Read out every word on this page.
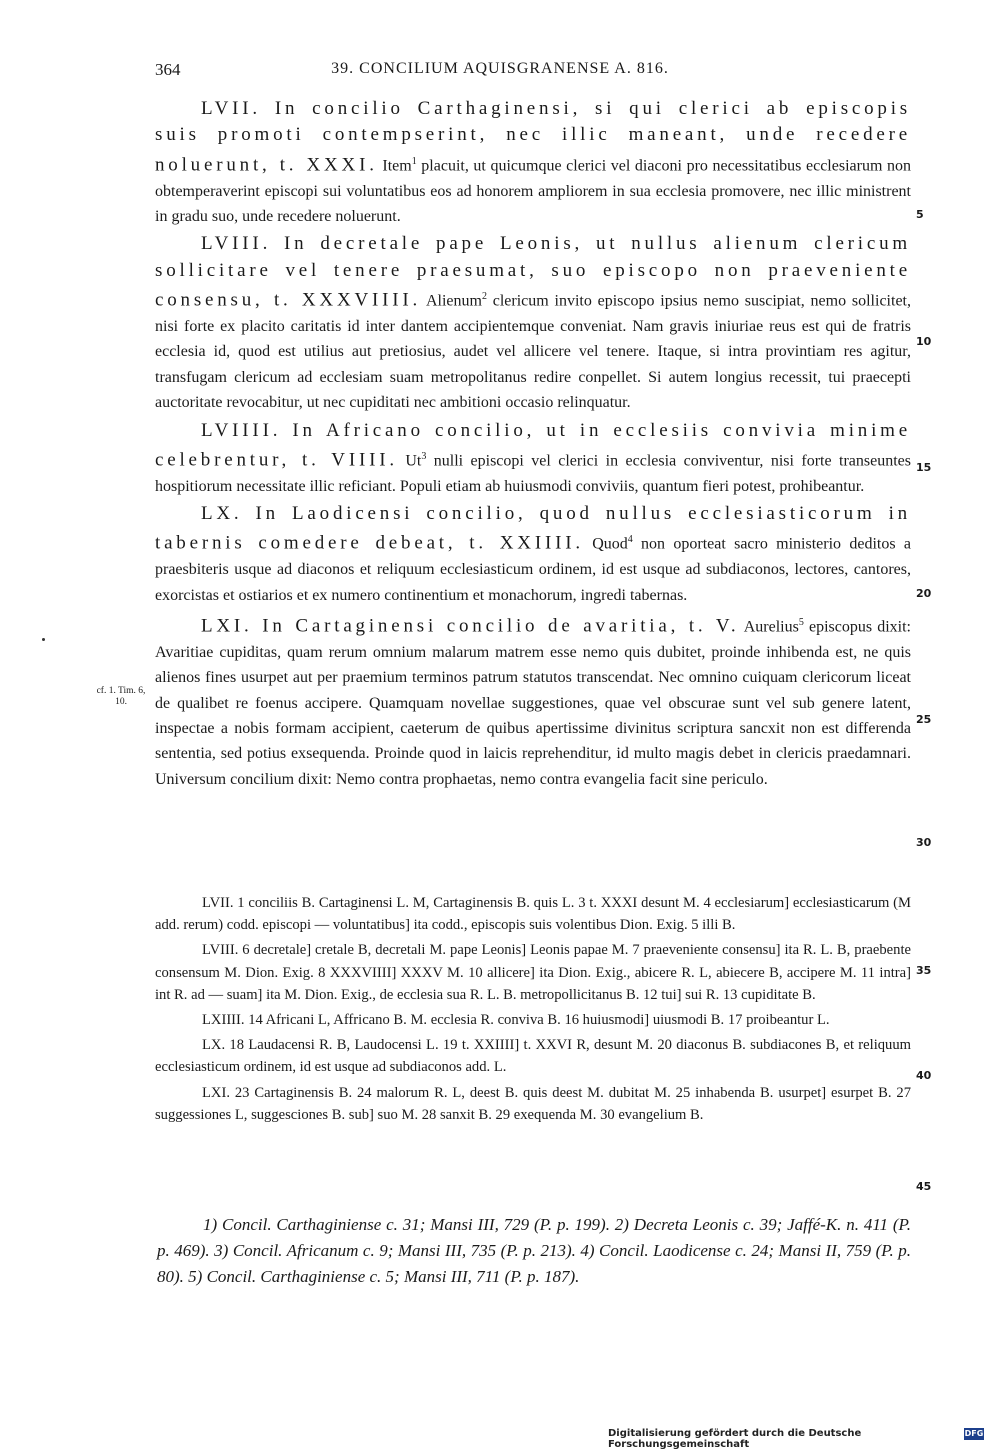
364	39. CONCILIUM AQUISGRANENSE A. 816.

LVII. In concilio Carthaginensi, si qui clerici ab episcopis suis promoti contempserint, nec illic maneant, unde recedere noluerunt, t. XXXI. Item$^1$ placuit, ut quicumque clerici vel diaconi pro necessitatibus ecclesiarum non obtemperaverint episcopi sui voluntatibus eos ad honorem ampliorem in sua ecclesia promovere, nec illic ministrent in gradu suo, unde recedere noluerunt.

LVIII. In decretale pape Leonis, ut nullus alienum clericum sollicitare vel tenere praesumat, suo episcopo non praeveniente consensu, t. XXXVIIII. Alienum$^2$ clericum invito episcopo ipsius nemo suscipiat, nemo sollicitet, nisi forte ex placito caritatis id inter dantem accipientemque conveniat. Nam gravis iniuriae reus est qui de fratris ecclesia id, quod est utilius aut pretiosius, audet vel allicere vel tenere. Itaque, si intra provintiam res agitur, transfugam clericum ad ecclesiam suam metropolitanus redire conpellet. Si autem longius recessit, tui praecepti auctoritate revocabitur, ut nec cupiditati nec ambitioni occasio relinquatur.

LVIIII. In Africano concilio, ut in ecclesiis convivia minime celebrentur, t. VIIII. Ut$^3$ nulli episcopi vel clerici in ecclesia conviventur, nisi forte transeuntes hospitiorum necessitate illic reficiant. Populi etiam ab huiusmodi conviviis, quantum fieri potest, prohibeantur.

LX. In Laodicensi concilio, quod nullus ecclesiasticorum in tabernis comedere debeat, t. XXIIII. Quod$^4$ non oporteat sacro ministerio deditos a praesbiteris usque ad diaconos et reliquum ecclesiasticum ordinem, id est usque ad subdiaconos, lectores, cantores, exorcistas et ostiarios et ex numero continentium et monachorum, ingredi tabernas.

LXI. In Cartaginensi concilio de avaritia, t. V. Aurelius$^5$ episcopus dixit: Avaritiae cupiditas, quam rerum omnium malarum matrem esse nemo quis dubitet, proinde inhibenda est, ne quis alienos fines usurpet aut per praemium terminos patrum statutos transcendat. Nec omnino cuiquam clericorum liceat de qualibet re foenus accipere. Quamquam novellae suggestiones, quae vel obscurae sunt vel sub genere latent, inspectae a nobis formam accipient, caeterum de quibus apertissime divinitus scriptura sancxit non est differenda sententia, sed potius exsequenda. Proinde quod in laicis reprehenditur, id multo magis debet in clericis praedamnari. Universum concilium dixit: Nemo contra prophaetas, nemo contra evangelia facit sine periculo.

cf. 1. Tim. 6, 10.
5
10
15
20
25
30
35
40
45

LVII. 1 conciliis B. Cartaginensi L. M, Cartaginensis B. quis L. 3 t. XXXI desunt M. 4 ecclesiarum] ecclesiasticarum (M add. rerum) codd. episcopi — voluntatibus] ita codd., episcopis suis volentibus Dion. Exig. 5 illi B.

LVIII. 6 decretale] cretale B, decretali M. pape Leonis] Leonis papae M. 7 praeveniente consensu] ita R. L. B, praebente consensum M. Dion. Exig. 8 XXXVIIII] XXXV M. 10 allicere] ita Dion. Exig., abicere R. L, abiecere B, accipere M. 11 intra] int R. ad — suam] ita M. Dion. Exig., de ecclesia sua R. L. B. metropollicitanus B. 12 tui] sui R. 13 cupiditate B.

LXIIII. 14 Africani L, Affricano B. M. ecclesia R. conviva B. 16 huiusmodi] uiusmodi B. 17 proibeantur L.

LX. 18 Laudacensi R. B, Laudocensi L. 19 t. XXIIII] t. XXVI R, desunt M. 20 diaconus B. subdiacones B, et reliquum ecclesiasticum ordinem, id est usque ad subdiaconos add. L.

LXI. 23 Cartaginensis B. 24 malorum R. L, deest B. quis deest M. dubitat M. 25 inhabenda B. usurpet] esurpet B. 27 suggessiones L, suggesciones B. sub] suo M. 28 sanxit B. 29 exequenda M. 30 evangelium B.

1) Concil. Carthaginiense c. 31; Mansi III, 729 (P. p. 199). 2) Decreta Leonis c. 39; Jaffé-K. n. 411 (P. p. 469). 3) Concil. Africanum c. 9; Mansi III, 735 (P. p. 213). 4) Concil. Laodicense c. 24; Mansi II, 759 (P. p. 80). 5) Concil. Carthaginiense c. 5; Mansi III, 711 (P. p. 187).

Digitalisierung gefördert durch die Deutsche Forschungsgemeinschaft
DFG
